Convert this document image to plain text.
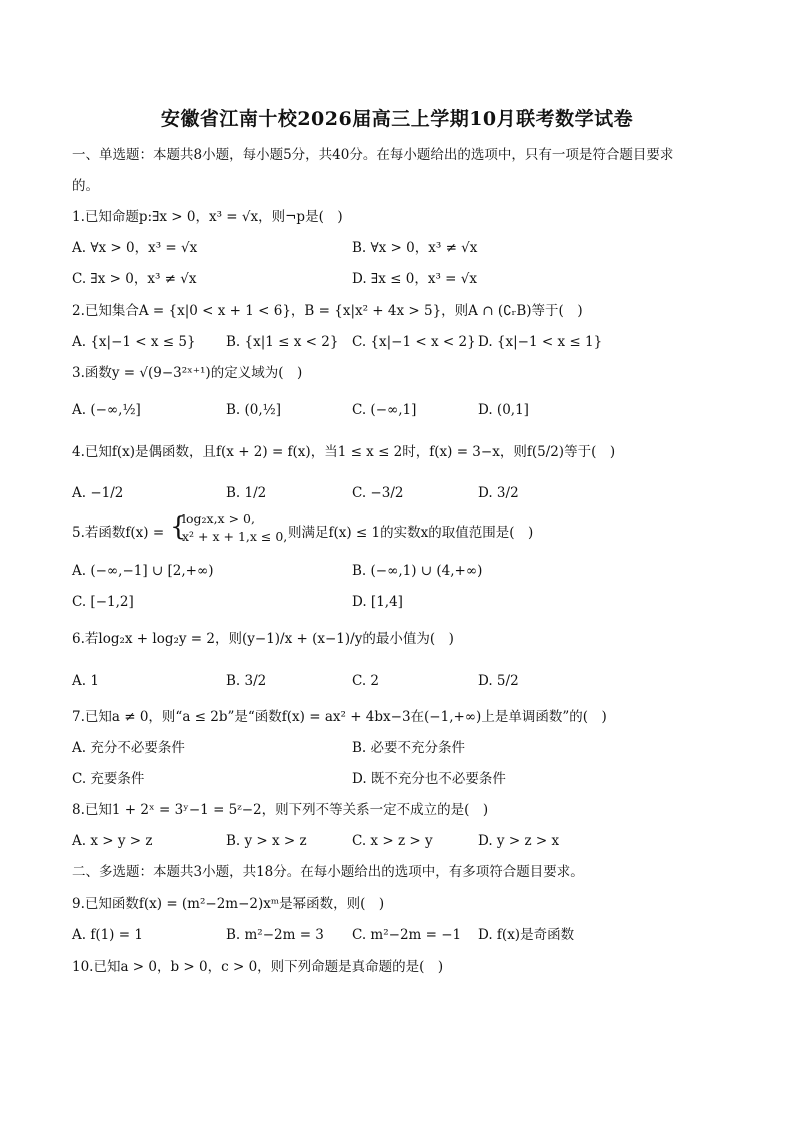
安徽省江南十校2026届高三上学期10月联考数学试卷
一、单选题：本题共8小题，每小题5分，共40分。在每小题给出的选项中，只有一项是符合题目要求
的。
1.已知命题p:∃x > 0，x³ = √x，则¬p是(　)
A. ∀x > 0，x³ = √x	B. ∀x > 0，x³ ≠ √x
C. ∃x > 0，x³ ≠ √x	D. ∃x ≤ 0，x³ = √x
2.已知集合A = {x|0 < x + 1 < 6}，B = {x|x² + 4x > 5}，则A ∩ (∁ᵣB)等于(　)
A. {x|−1 < x ≤ 5} B. {x|1 ≤ x < 2} C. {x|−1 < x < 2} D. {x|−1 < x ≤ 1}
3.函数y = √(9−3²ˣ⁺¹)的定义域为(　)
A. (−∞,½]	B. (0,½]	C. (−∞,1]	D. (0,1]
4.已知f(x)是偶函数，且f(x + 2) = f(x)，当1 ≤ x ≤ 2时，f(x) = 3−x，则f(5/2)等于(　)
A. −1/2	B. 1/2	C. −3/2	D. 3/2
5.若函数f(x) = {
log₂x,x > 0,
x² + x + 1,x ≤ 0, 则满足f(x) ≤ 1的实数x的取值范围是(　)
A. (−∞,−1] ∪ [2,+∞)	B. (−∞,1) ∪ (4,+∞)
C. [−1,2]	D. [1,4]
6.若log₂x + log₂y = 2，则(y−1)/x + (x−1)/y的最小值为(　)
A. 1	B. 3/2	C. 2	D. 5/2
7.已知a ≠ 0，则“a ≤ 2b”是“函数f(x) = ax² + 4bx−3在(−1,+∞)上是单调函数”的(　)
A. 充分不必要条件	B. 必要不充分条件
C. 充要条件	D. 既不充分也不必要条件
8.已知1 + 2ˣ = 3ʸ−1 = 5ᶻ−2，则下列不等关系一定不成立的是(　)
A. x > y > z	B. y > x > z	C. x > z > y	D. y > z > x
二、多选题：本题共3小题，共18分。在每小题给出的选项中，有多项符合题目要求。
9.已知函数f(x) = (m²−2m−2)xᵐ是幂函数，则(　)
A. f(1) = 1	B. m²−2m = 3 C. m²−2m = −1 D. f(x)是奇函数
10.已知a > 0，b > 0，c > 0，则下列命题是真命题的是(　)
